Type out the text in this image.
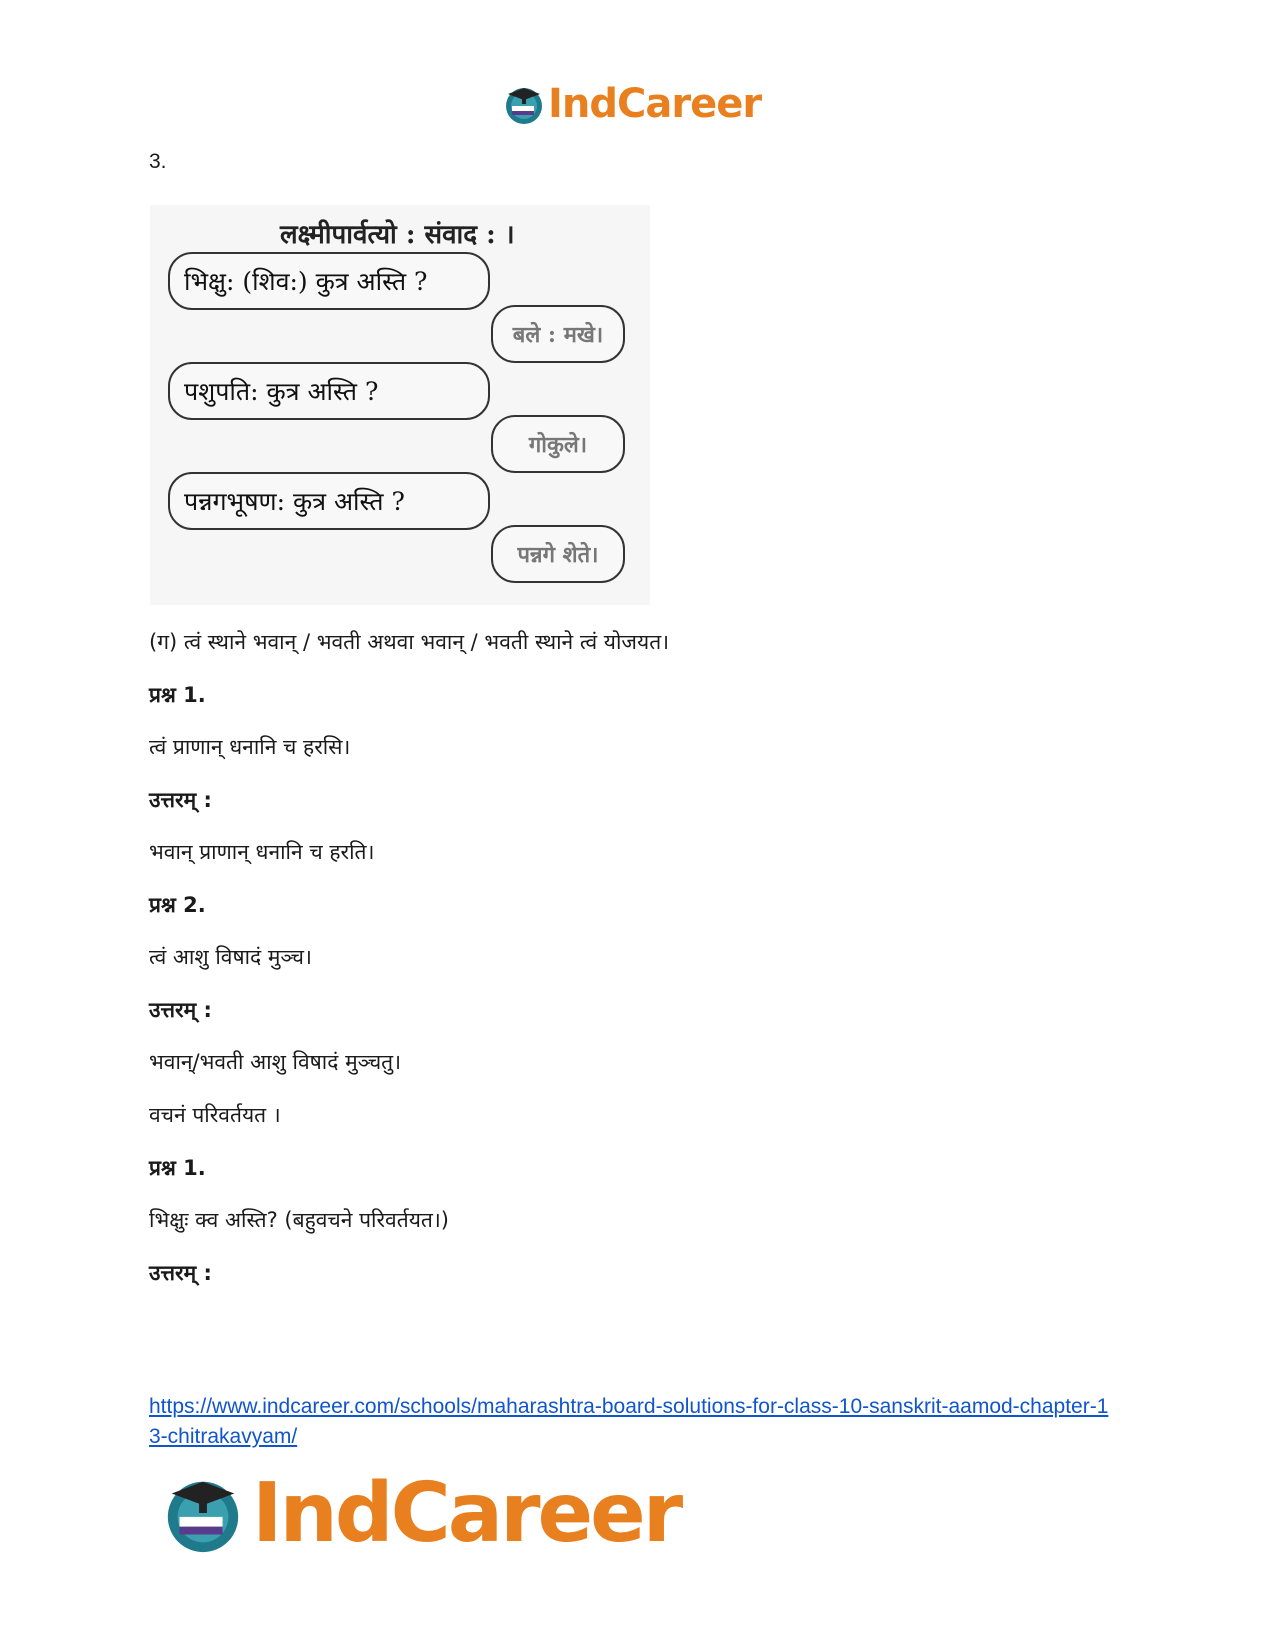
IndCareer
3.
लक्ष्मीपार्वत्यो : संवाद : ।
भिक्षु: (शिव:) कुत्र अस्ति ?
बले : मखे।
पशुपति: कुत्र अस्ति ?
गोकुले।
पन्नगभूषण: कुत्र अस्ति ?
पन्नगे शेते।
(ग) त्वं स्थाने भवान् / भवती अथवा भवान् / भवती स्थाने त्वं योजयत।
प्रश्न 1.
त्वं प्राणान् धनानि च हरसि।
उत्तरम् :
भवान् प्राणान् धनानि च हरति।
प्रश्न 2.
त्वं आशु विषादं मुञ्च।
उत्तरम् :
भवान्/भवती आशु विषादं मुञ्चतु।
वचनं परिवर्तयत ।
प्रश्न 1.
भिक्षुः क्व अस्ति? (बहुवचने परिवर्तयत।)
उत्तरम् :
https://www.indcareer.com/schools/maharashtra-board-solutions-for-class-10-sanskrit-aamod-chapter-13-chitrakavyam/
IndCareer
